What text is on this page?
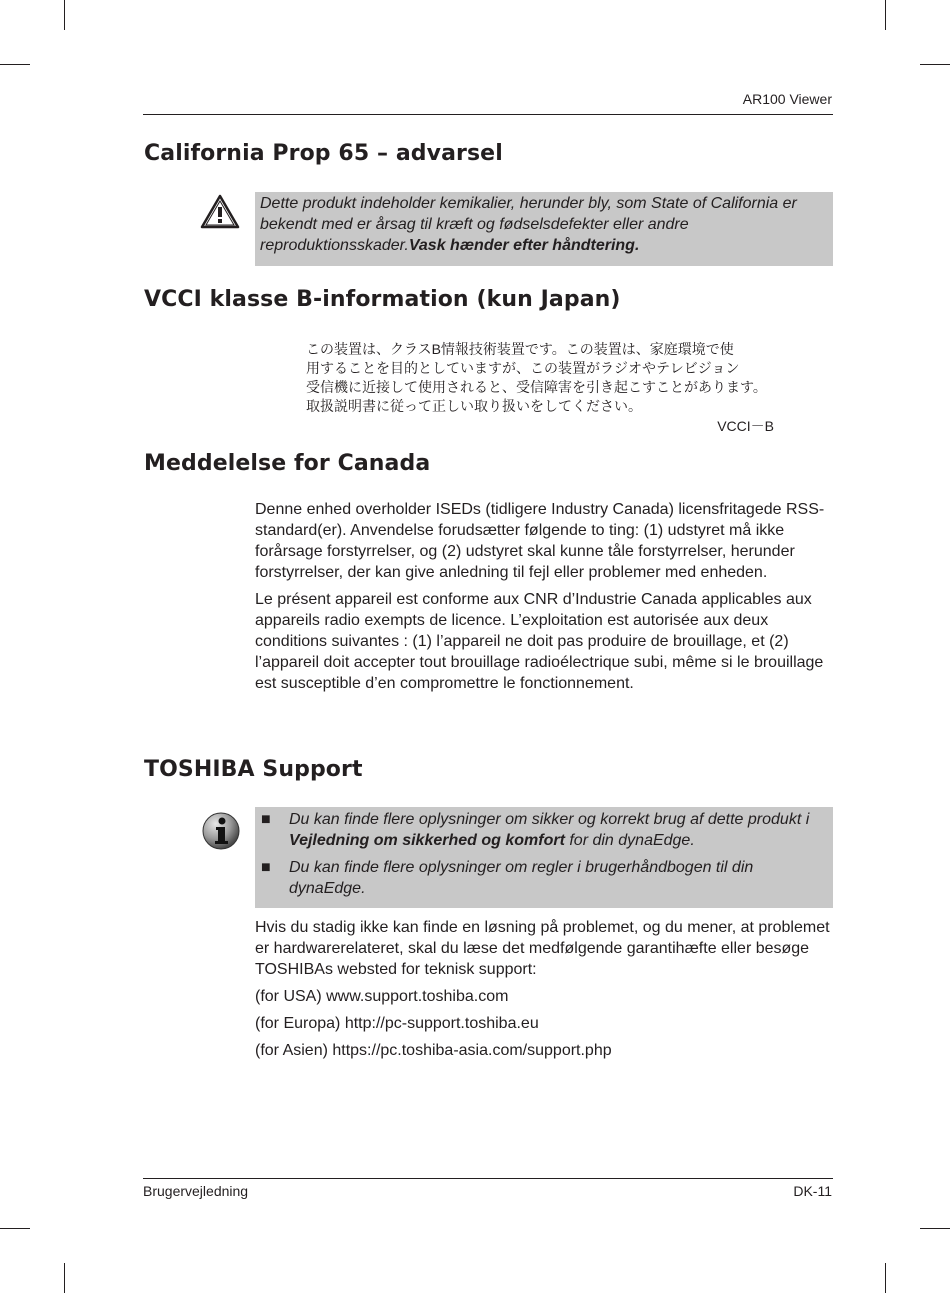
AR100 Viewer
California Prop 65 – advarsel
Dette produkt indeholder kemikalier, herunder bly, som State of California er bekendt med er årsag til kræft og fødselsdefekter eller andre reproduktionsskader.Vask hænder efter håndtering.
VCCI klasse B-information (kun Japan)
この装置は、クラスB情報技術装置です。この装置は、家庭環境で使
用することを目的としていますが、この装置がラジオやテレビジョン
受信機に近接して使用されると、受信障害を引き起こすことがあります。
取扱説明書に従って正しい取り扱いをしてください。
VCCI－B
Meddelelse for Canada

Denne enhed overholder ISEDs (tidligere Industry Canada) licensfritagede RSS-standard(er). Anvendelse forudsætter følgende to ting: (1) udstyret må ikke forårsage forstyrrelser, og (2) udstyret skal kunne tåle forstyrrelser, herunder forstyrrelser, der kan give anledning til fejl eller problemer med enheden.

Le présent appareil est conforme aux CNR d’Industrie Canada applicables aux appareils radio exempts de licence. L’exploitation est autorisée aux deux conditions suivantes : (1) l’appareil ne doit pas produire de brouillage, et (2) l’appareil doit accepter tout brouillage radioélectrique subi, même si le brouillage est susceptible d’en compromettre le fonctionnement.

TOSHIBA Support
■	Du kan finde flere oplysninger om sikker og korrekt brug af dette produkt i Vejledning om sikkerhed og komfort for din dynaEdge.
■	Du kan finde flere oplysninger om regler i brugerhåndbogen til din dynaEdge.

Hvis du stadig ikke kan finde en løsning på problemet, og du mener, at problemet er hardwarerelateret, skal du læse det medfølgende garantihæfte eller besøge TOSHIBAs websted for teknisk support:

(for USA) www.support.toshiba.com

(for Europa) http://pc-support.toshiba.eu

(for Asien) https://pc.toshiba-asia.com/support.php

Brugervejledning	DK-11
